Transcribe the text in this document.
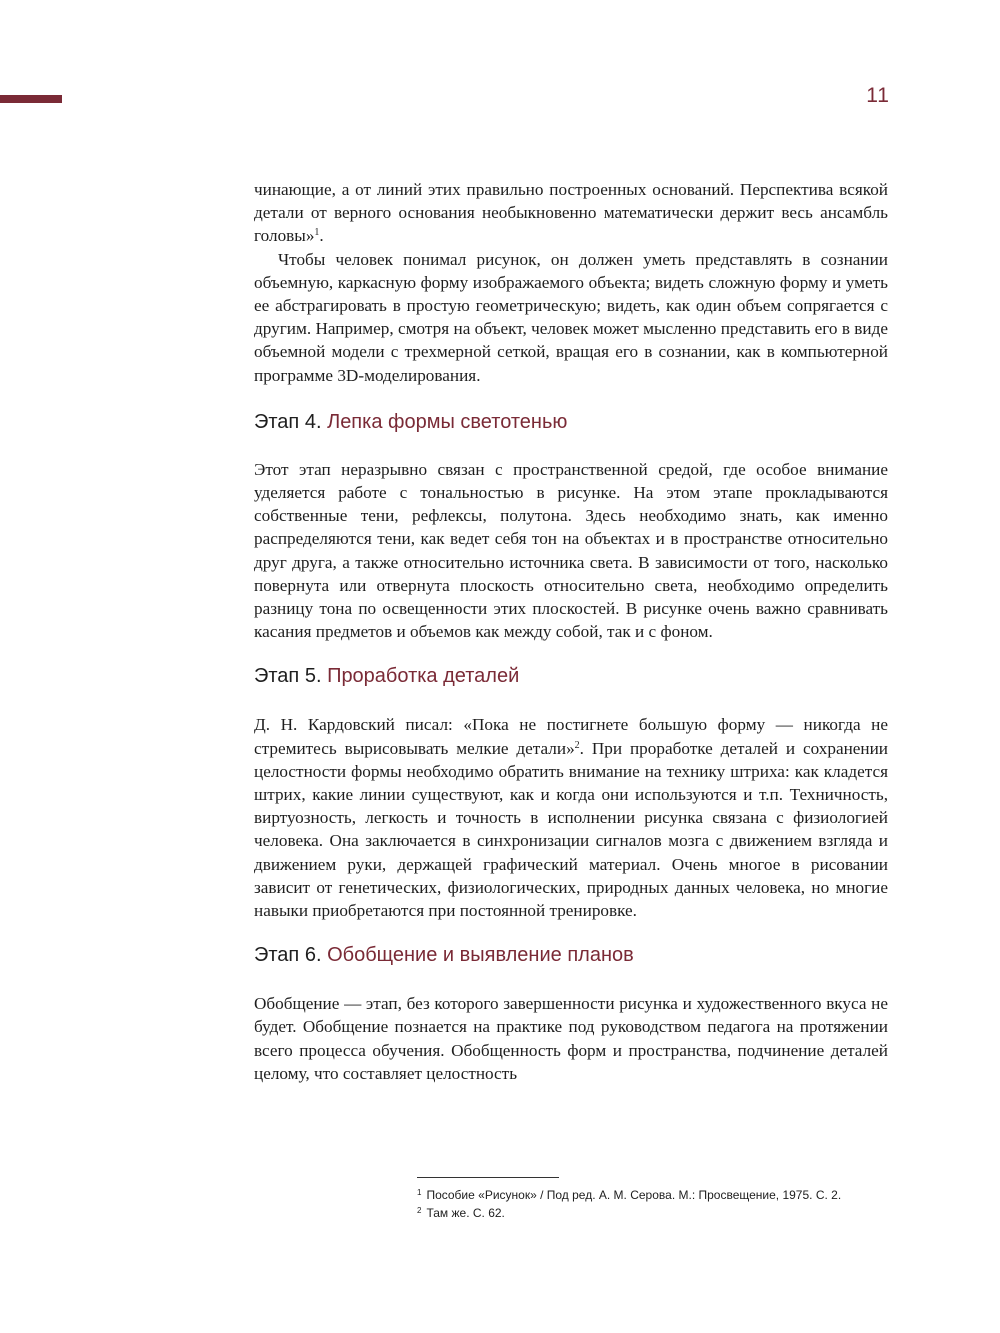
11

чинающие, а от линий этих правильно построенных оснований. Перспектива всякой детали от верного основания необыкновенно математически держит весь ансамбль головы»$^1$.

Чтобы человек понимал рисунок, он должен уметь представлять в сознании объемную, каркасную форму изображаемого объекта; видеть сложную форму и уметь ее абстрагировать в простую геометрическую; видеть, как один объем сопрягается с другим. Например, смотря на объект, человек может мысленно представить его в виде объемной модели с трехмерной сеткой, вращая его в сознании, как в компьютерной программе 3D-моделирования.

Этап 4. Лепка формы светотенью

Этот этап неразрывно связан с пространственной средой, где особое внимание уделяется работе с тональностью в рисунке. На этом этапе прокладываются собственные тени, рефлексы, полутона. Здесь необходимо знать, как именно распределяются тени, как ведет себя тон на объектах и в пространстве относительно друг друга, а также относительно источника света. В зависимости от того, насколько повернута или отвернута плоскость относительно света, необходимо определить разницу тона по освещенности этих плоскостей. В рисунке очень важно сравнивать касания предметов и объемов как между собой, так и с фоном.

Этап 5. Проработка деталей

Д. Н. Кардовский писал: «Пока не постигнете большую форму — никогда не стремитесь вырисовывать мелкие детали»$^2$. При проработке деталей и сохранении целостности формы необходимо обратить внимание на технику штриха: как кладется штрих, какие линии существуют, как и когда они используются и т.п. Техничность, виртуозность, легкость и точность в исполнении рисунка связана с физиологией человека. Она заключается в синхронизации сигналов мозга с движением взгляда и движением руки, держащей графический материал. Очень многое в рисовании зависит от генетических, физиологических, природных данных человека, но многие навыки приобретаются при постоянной тренировке.

Этап 6. Обобщение и выявление планов

Обобщение — этап, без которого завершенности рисунка и художественного вкуса не будет. Обобщение познается на практике под руководством педагога на протяжении всего процесса обучения. Обобщенность форм и пространства, подчинение деталей целому, что составляет целостность

$^1$ Пособие «Рисунок» / Под ред. А. М. Серова. М.: Просвещение, 1975. С. 2.
$^2$ Там же. С. 62.
